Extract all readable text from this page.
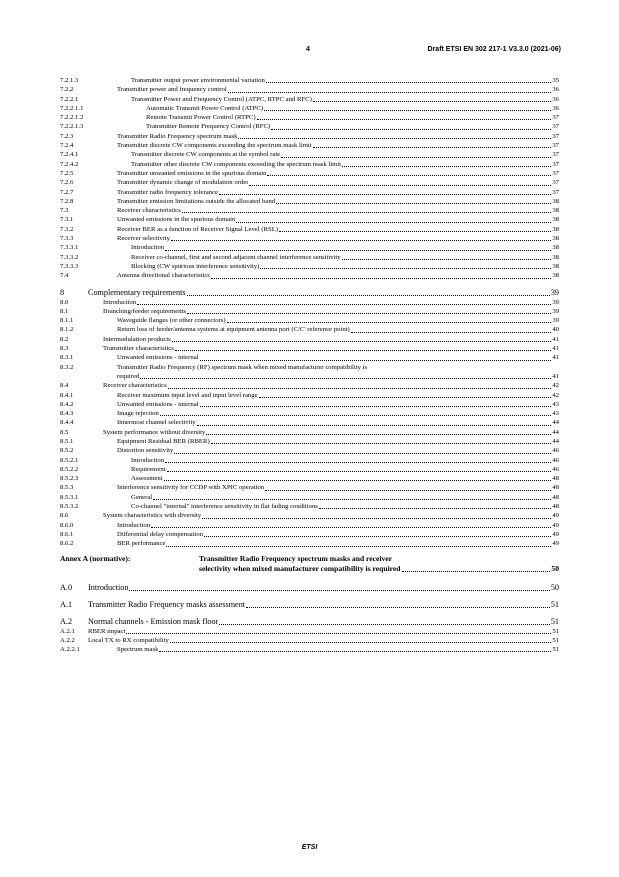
4	Draft ETSI EN 302 217-1 V3.3.0 (2021-06)
7.2.1.3	Transmitter output power environmental variation	35
7.2.2	Transmitter power and frequency control	36
7.2.2.1	Transmitter Power and Frequency Control (ATPC, RTPC and RFC)	36
7.2.2.1.1	Automatic Transmit Power Control (ATPC)	36
7.2.2.1.2	Remote Transmit Power Control (RTPC)	37
7.2.2.1.3	Transmitter Remote Frequency Control (RFC)	37
7.2.3	Transmitter Radio Frequency spectrum mask	37
7.2.4	Transmitter discrete CW components exceeding the spectrum mask limit	37
7.2.4.1	Transmitter discrete CW components at the symbol rate	37
7.2.4.2	Transmitter other discrete CW components exceeding the spectrum mask limit	37
7.2.5	Transmitter unwanted emissions in the spurious domain	37
7.2.6	Transmitter dynamic change of modulation order	37
7.2.7	Transmitter radio frequency tolerance	37
7.2.8	Transmitter emission limitations outside the allocated band	38
7.3	Receiver characteristics	38
7.3.1	Unwanted emissions in the spurious domain	38
7.3.2	Receiver BER as a function of Receiver Signal Level (RSL)	38
7.3.3	Receiver selectivity	38
7.3.3.1	Introduction	38
7.3.3.2	Receiver co-channel, first and second adjacent channel interference sensitivity	38
7.3.3.3	Blocking (CW spurious interference sensitivity)	38
7.4	Antenna directional characteristics	38
8	Complementary requirements	39
8.0	Introduction	39
8.1	Branching/feeder requirements	39
8.1.1	Waveguide flanges (or other connectors)	39
8.1.2	Return loss of feeder/antenna systems at equipment antenna port (C/C' reference point)	40
8.2	Intermodulation products	41
8.3	Transmitter characteristics	41
8.3.1	Unwanted emissions - internal	41
8.3.2	Transmitter Radio Frequency (RF) spectrum mask when mixed manufacturer compatibility is
required	41
8.4	Receiver characteristics	42
8.4.1	Receiver maximum input level and input level range	42
8.4.2	Unwanted emissions - internal	43
8.4.3	Image rejection	43
8.4.4	Innermost channel selectivity	44
8.5	System performance without diversity	44
8.5.1	Equipment Residual BER (RBER)	44
8.5.2	Distortion sensitivity	46
8.5.2.1	Introduction	46
8.5.2.2	Requirement	46
8.5.2.3	Assessment	48
8.5.3	Interference sensitivity for CCDP with XPIC operation	48
8.5.3.1	General	48
8.5.3.2	Co-channel "internal" interference sensitivity in flat fading conditions	48
8.6	System characteristics with diversity	49
8.6.0	Introduction	49
8.6.1	Differential delay compensation	49
8.6.2	BER performance	49
Annex A (normative):	Transmitter Radio Frequency spectrum masks and receiver
selectivity when mixed manufacturer compatibility is required	50
A.0 Introduction	50
A.1 Transmitter Radio Frequency masks assessment	51
A.2 Normal channels - Emission mask floor	51
A.2.1 RBER impact	51
A.2.2 Local TX to RX compatibility	51
A.2.2.1	Spectrum mask	51
ETSI
